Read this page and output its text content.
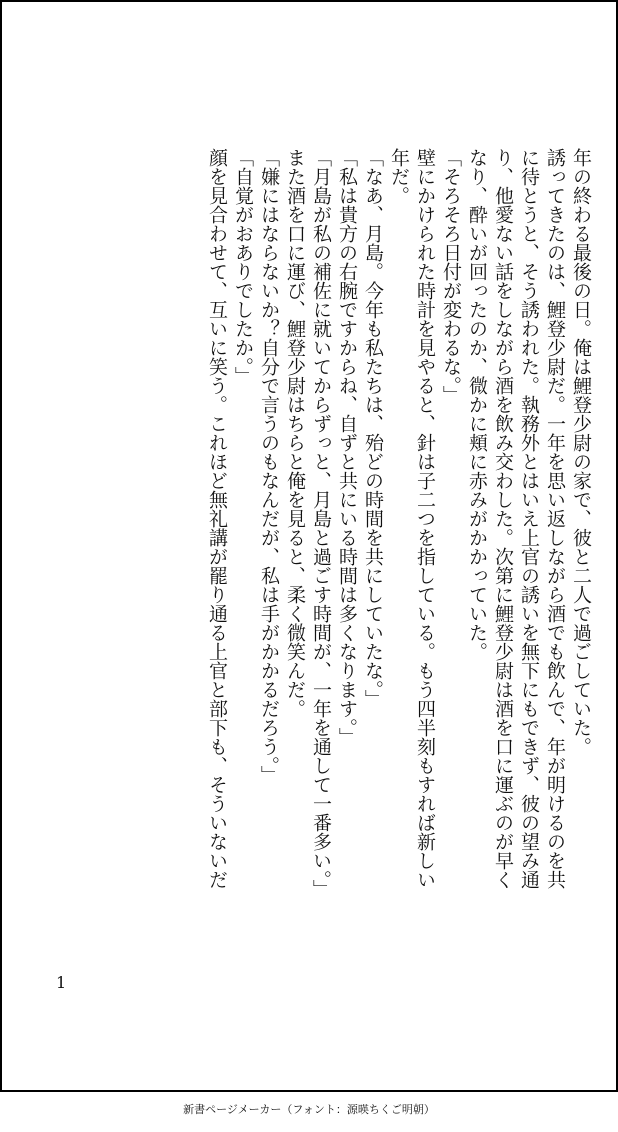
年の終わる最後の日。俺は鯉登少尉の家で、彼と二人で過ごしていた。

誘ってきたのは、鯉登少尉だ。一年を思い返しながら酒でも飲んで、年が明けるのを共

に待とうと、そう誘われた。執務外とはいえ上官の誘いを無下にもできず、彼の望み通

り、他愛ない話をしながら酒を飲み交わした。次第に鯉登少尉は酒を口に運ぶのが早く

なり、酔いが回ったのか、微かに頬に赤みがかかっていた。

「そろそろ日付が変わるな。」

壁にかけられた時計を見やると、針は子二つを指している。もう四半刻もすれば新しい

年だ。

「なあ、月島。今年も私たちは、殆どの時間を共にしていたな。」

「私は貴方の右腕ですからね、自ずと共にいる時間は多くなります。」

「月島が私の補佐に就いてからずっと、月島と過ごす時間が、一年を通して一番多い。」

また酒を口に運び、鯉登少尉はちらと俺を見ると、柔く微笑んだ。

「嫌にはならないか？自分で言うのもなんだが、私は手がかかるだろう。」

「自覚がおありでしたか。」

顔を見合わせて、互いに笑う。これほど無礼講が罷り通る上官と部下も、そういないだ

1
新書ページメーカー（フォント：源暎ちくご明朝）
